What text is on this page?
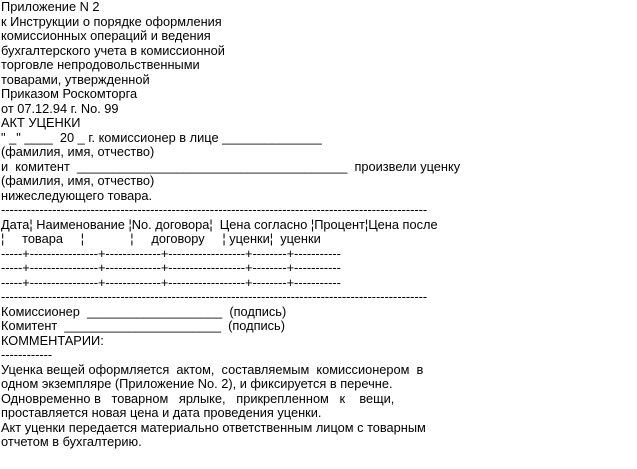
Приложение N 2
к Инструкции о порядке оформления
комиссионных операций и ведения
бухгалтерского учета в комиссионной
торговле непродовольственными
товарами, утвержденной
Приказом Роскомторга
от 07.12.94 г. No. 99
АКТ УЦЕНКИ
" _" ____  20 _ г. комиссионер в лице ______________
(фамилия, имя, отчество)
и  комитент  ______________________________________  произвели уценку
(фамилия, имя, отчество)
нижеследующего товара.
----------------------------------------------------------------------------------------------------
Дата¦ Наименование ¦No. договора¦  Цена согласно ¦Процент¦Цена после
¦     товара     ¦             ¦     договору     ¦ уценки¦  уценки
-----+----------------+-------------+------------------+--------+-----------
-----+----------------+-------------+------------------+--------+-----------
-----+----------------+-------------+------------------+--------+-----------
----------------------------------------------------------------------------------------------------
Комиссионер  ___________________  (подпись)
Комитент  ______________________  (подпись)
КОММЕНТАРИИ:
------------
Уценка вещей оформляется  актом,  составляемым  комиссионером  в
одном экземпляре (Приложение No. 2), и фиксируется в перечне.
Одновременно в   товарном   ярлыке,   прикрепленном   к    вещи,
проставляется новая цена и дата проведения уценки.
Акт уценки передается материально ответственным лицом с товарным
отчетом в бухгалтерию.
